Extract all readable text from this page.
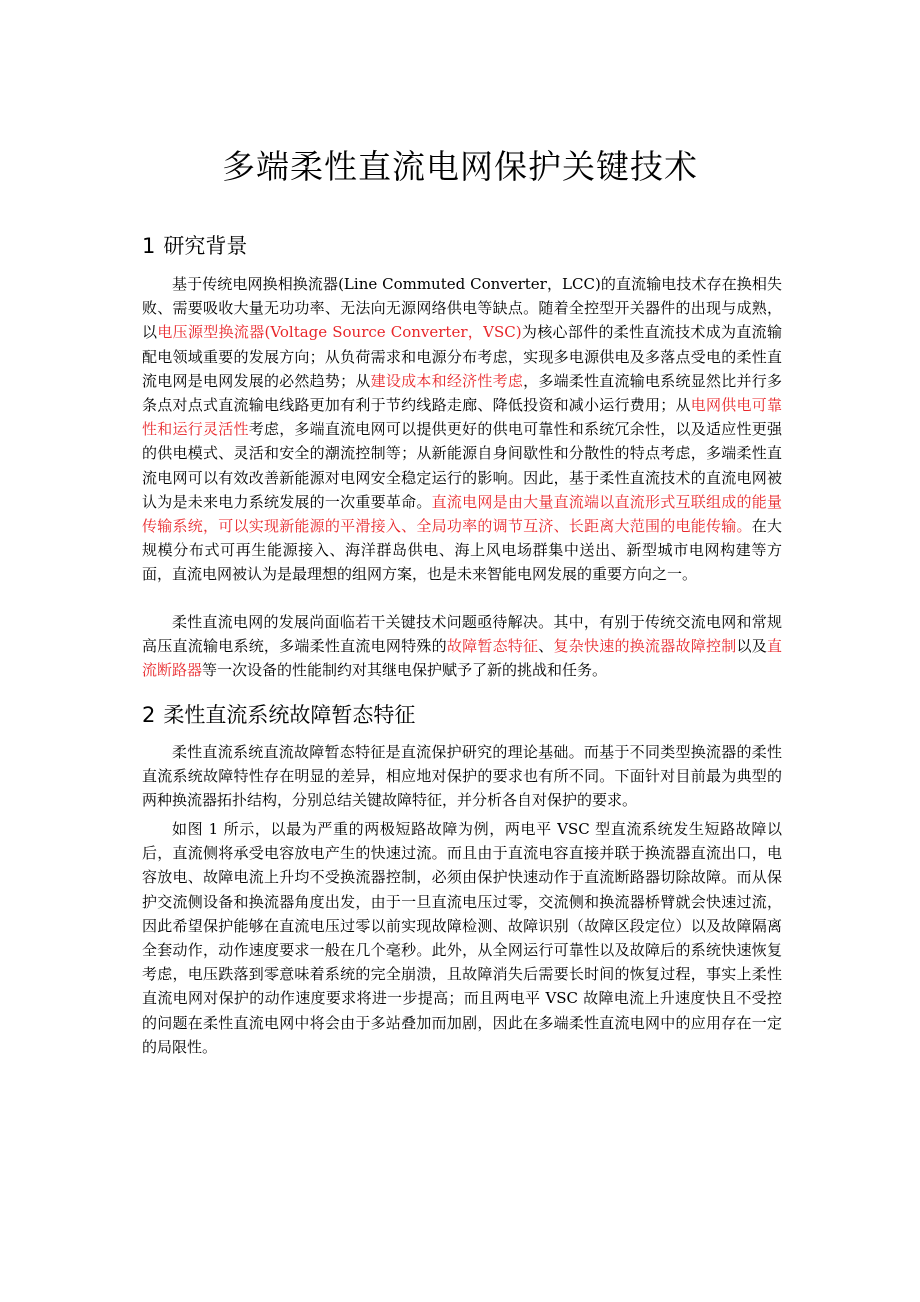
多端柔性直流电网保护关键技术
1 研究背景
基于传统电网换相换流器(Line Commuted Converter，LCC)的直流输电技术存在换相失败、需要吸收大量无功功率、无法向无源网络供电等缺点。随着全控型开关器件的出现与成熟，以电压源型换流器(Voltage Source Converter，VSC)为核心部件的柔性直流技术成为直流输配电领域重要的发展方向；从负荷需求和电源分布考虑，实现多电源供电及多落点受电的柔性直流电网是电网发展的必然趋势；从建设成本和经济性考虑，多端柔性直流输电系统显然比并行多条点对点式直流输电线路更加有利于节约线路走廊、降低投资和减小运行费用；从电网供电可靠性和运行灵活性考虑，多端直流电网可以提供更好的供电可靠性和系统冗余性，以及适应性更强的供电模式、灵活和安全的潮流控制等；从新能源自身间歇性和分散性的特点考虑，多端柔性直流电网可以有效改善新能源对电网安全稳定运行的影响。因此，基于柔性直流技术的直流电网被认为是未来电力系统发展的一次重要革命。直流电网是由大量直流端以直流形式互联组成的能量传输系统，可以实现新能源的平滑接入、全局功率的调节互济、长距离大范围的电能传输。在大规模分布式可再生能源接入、海洋群岛供电、海上风电场群集中送出、新型城市电网构建等方面，直流电网被认为是最理想的组网方案，也是未来智能电网发展的重要方向之一。
柔性直流电网的发展尚面临若干关键技术问题亟待解决。其中，有别于传统交流电网和常规高压直流输电系统，多端柔性直流电网特殊的故障暂态特征、复杂快速的换流器故障控制以及直流断路器等一次设备的性能制约对其继电保护赋予了新的挑战和任务。
2 柔性直流系统故障暂态特征
柔性直流系统直流故障暂态特征是直流保护研究的理论基础。而基于不同类型换流器的柔性直流系统故障特性存在明显的差异，相应地对保护的要求也有所不同。下面针对目前最为典型的两种换流器拓扑结构，分别总结关键故障特征，并分析各自对保护的要求。
如图 1 所示，以最为严重的两极短路故障为例，两电平 VSC 型直流系统发生短路故障以后，直流侧将承受电容放电产生的快速过流。而且由于直流电容直接并联于换流器直流出口，电容放电、故障电流上升均不受换流器控制，必须由保护快速动作于直流断路器切除故障。而从保护交流侧设备和换流器角度出发，由于一旦直流电压过零，交流侧和换流器桥臂就会快速过流，因此希望保护能够在直流电压过零以前实现故障检测、故障识别（故障区段定位）以及故障隔离全套动作，动作速度要求一般在几个毫秒。此外，从全网运行可靠性以及故障后的系统快速恢复考虑，电压跌落到零意味着系统的完全崩溃，且故障消失后需要长时间的恢复过程，事实上柔性直流电网对保护的动作速度要求将进一步提高；而且两电平 VSC 故障电流上升速度快且不受控的问题在柔性直流电网中将会由于多站叠加而加剧，因此在多端柔性直流电网中的应用存在一定的局限性。
